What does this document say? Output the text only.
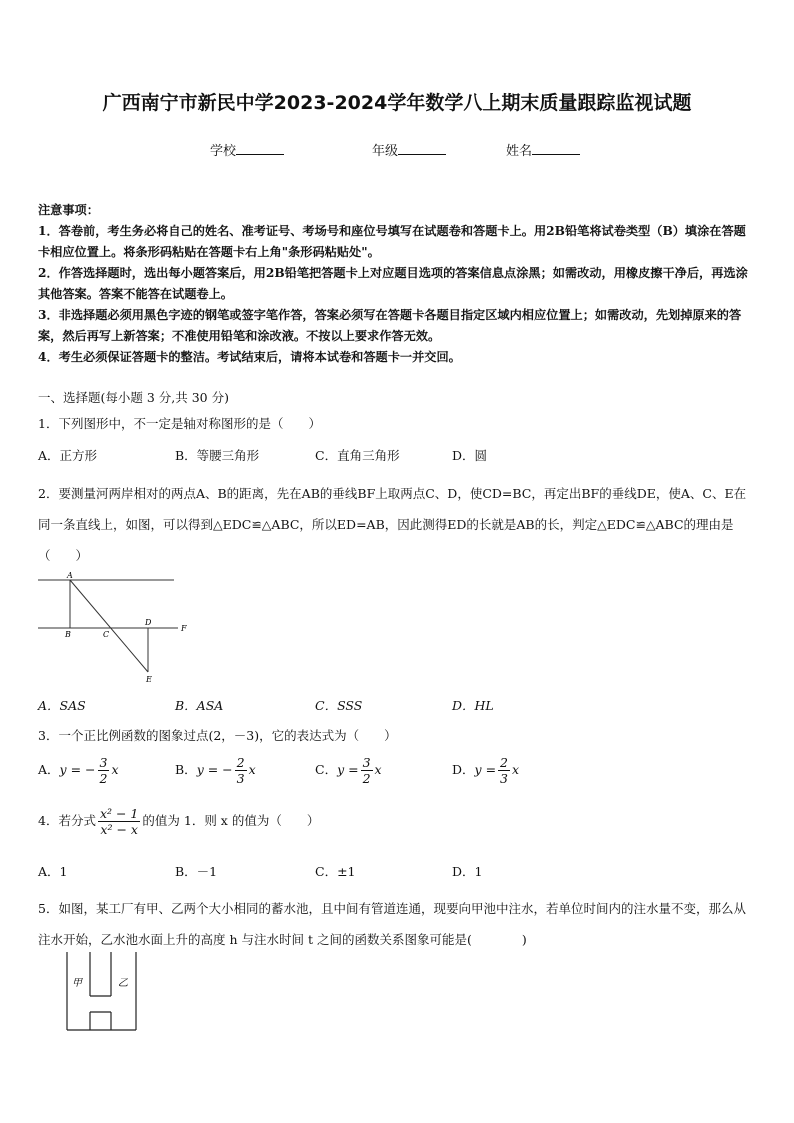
广西南宁市新民中学2023-2024学年数学八上期末质量跟踪监视试题
学校	年级	姓名

注意事项：

1．答卷前，考生务必将自己的姓名、准考证号、考场号和座位号填写在试题卷和答题卡上。用2B铅笔将试卷类型（B）填涂在答题卡相应位置上。将条形码粘贴在答题卡右上角"条形码粘贴处"。

2．作答选择题时，选出每小题答案后，用2B铅笔把答题卡上对应题目选项的答案信息点涂黑；如需改动，用橡皮擦干净后，再选涂其他答案。答案不能答在试题卷上。

3．非选择题必须用黑色字迹的钢笔或签字笔作答，答案必须写在答题卡各题目指定区域内相应位置上；如需改动，先划掉原来的答案，然后再写上新答案；不准使用铅笔和涂改液。不按以上要求作答无效。

4．考生必须保证答题卡的整洁。考试结束后，请将本试卷和答题卡一并交回。

一、选择题(每小题 3 分,共 30 分)
1．下列图形中，不一定是轴对称图形的是（　　）
A．正方形	B．等腰三角形	C．直角三角形	D．圆
2．要测量河两岸相对的两点A、B的距离，先在AB的垂线BF上取两点C、D，使CD=BC，再定出BF的垂线DE，使A、C、E在同一条直线上，如图，可以得到△EDC≌△ABC，所以ED=AB，因此测得ED的长就是AB的长，判定△EDC≌△ABC的理由是（　　）
A
B	C
D
E
F
A．SAS	B．ASA	C．SSS	D．HL
3．一个正比例函数的图象过点(2，－3)，它的表达式为（　　）
A．y = − $\frac{3}{2}$ x	B．y = − $\frac{2}{3}$ x	C．$y = \frac{3}{2}$ x	D．$y = \frac{2}{3}$ x
4．若分式 $\frac{\text{x² − 1}}{\text{x² − x}}$ 的值为 1．则 x 的值为（　　）
A．1	B．－1	C．±1	D．1
5．如图，某工厂有甲、乙两个大小相同的蓄水池，且中间有管道连通，现要向甲池中注水，若单位时间内的注水量不变，那么从注水开始，乙水池水面上升的高度 h 与注水时间 t 之间的函数关系图象可能是(　　　　)
甲	乙
